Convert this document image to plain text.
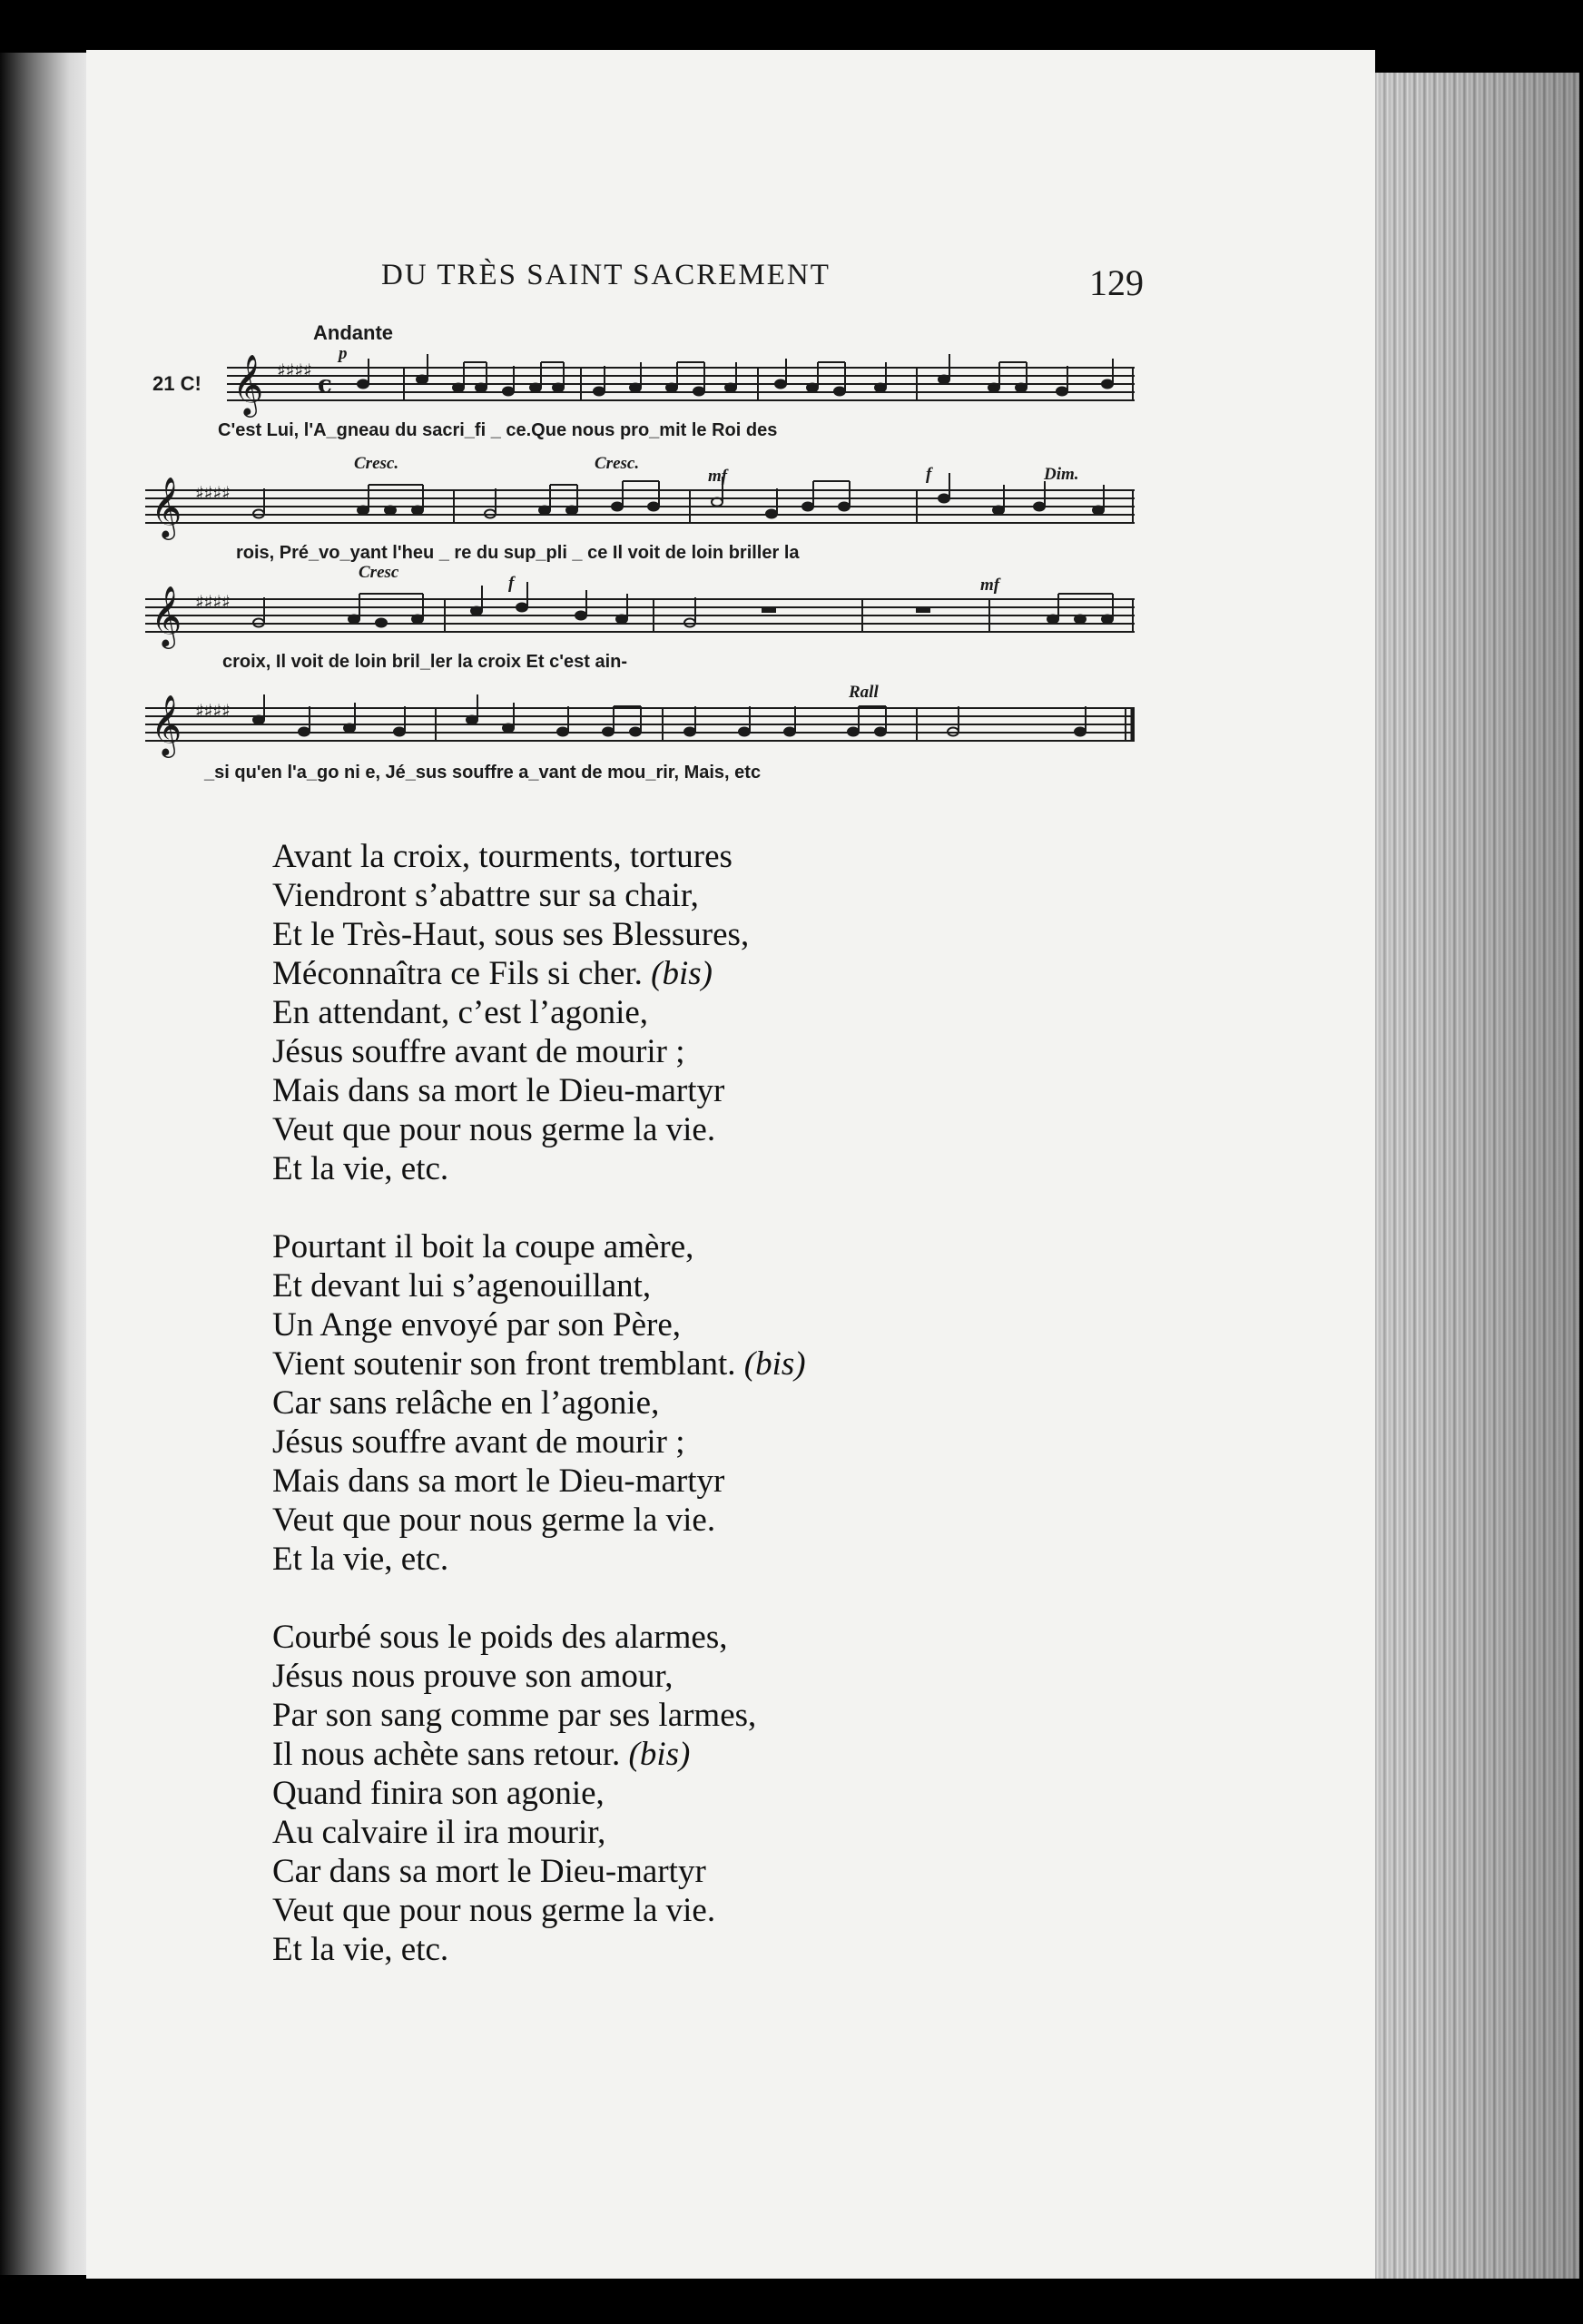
DU TRÈS SAINT SACREMENT	129
Andante
21 C!
p
𝄞 ♯♯♯♯
c
C'est Lui, l'A_gneau du sacri_fi _ ce.Que nous pro_mit le Roi des
Cresc.	Cresc.
mf	f	Dim.
𝄞 ♯♯♯♯
rois, Pré_vo_yant l'heu _ re du sup_pli _ ce Il voit de loin briller la
Cresc
f	mf
𝄞 ♯♯♯♯
croix, Il voit de loin bril_ler la croix Et c'est ain-
Rall
𝄞 ♯♯♯♯
_si qu'en l'a_go ni e, Jé_sus souffre a_vant de mou_rir, Mais, etc
Avant la croix, tourments, tortures
Viendront s’abattre sur sa chair,
Et le Très-Haut, sous ses Blessures,
Méconnaîtra ce Fils si cher. (bis)
En attendant, c’est l’agonie,
Jésus souffre avant de mourir ;
Mais dans sa mort le Dieu-martyr
Veut que pour nous germe la vie.
Et la vie, etc.
Pourtant il boit la coupe amère,
Et devant lui s’agenouillant,
Un Ange envoyé par son Père,
Vient soutenir son front tremblant. (bis)
Car sans relâche en l’agonie,
Jésus souffre avant de mourir ;
Mais dans sa mort le Dieu-martyr
Veut que pour nous germe la vie.
Et la vie, etc.
Courbé sous le poids des alarmes,
Jésus nous prouve son amour,
Par son sang comme par ses larmes,
Il nous achète sans retour. (bis)
Quand finira son agonie,
Au calvaire il ira mourir,
Car dans sa mort le Dieu-martyr
Veut que pour nous germe la vie.
Et la vie, etc.
